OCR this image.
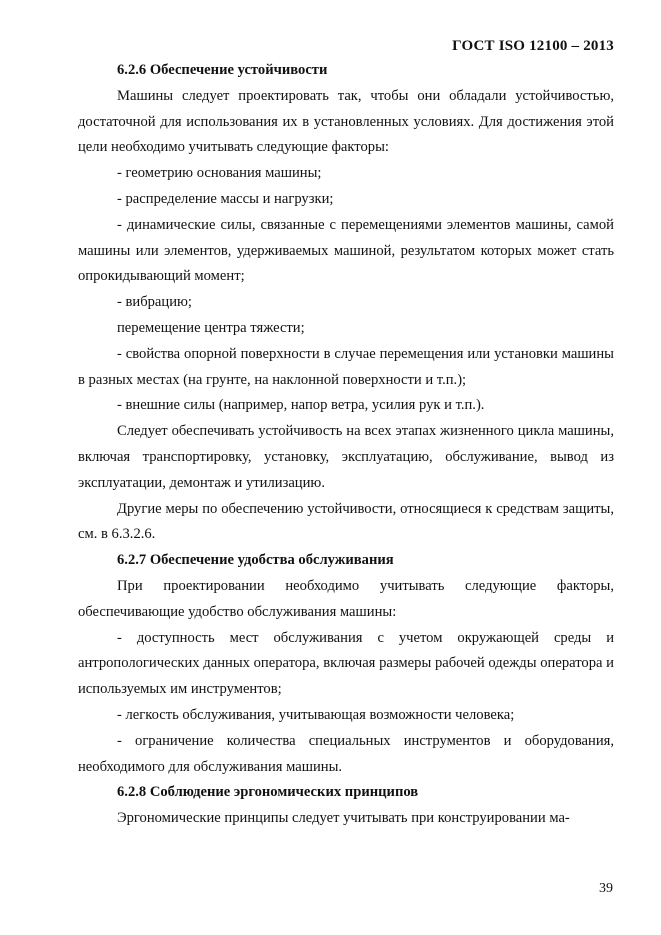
ГОСТ ISO 12100 – 2013
6.2.6 Обеспечение устойчивости

Машины следует проектировать так, чтобы они обладали устойчивостью, достаточной для использования их в установленных условиях. Для достижения этой цели необходимо учитывать следующие факторы:

- геометрию основания машины;

- распределение массы и нагрузки;

- динамические силы, связанные с перемещениями элементов машины, самой машины или элементов, удерживаемых машиной, результатом которых может стать опрокидывающий момент;

- вибрацию;

перемещение центра тяжести;

- свойства опорной поверхности в случае перемещения или установки машины в разных местах (на грунте, на наклонной поверхности и т.п.);

- внешние силы (например, напор ветра, усилия рук и т.п.).

Следует обеспечивать устойчивость на всех этапах жизненного цикла машины, включая транспортировку, установку, эксплуатацию, обслуживание, вывод из эксплуатации, демонтаж и утилизацию.

Другие меры по обеспечению устойчивости, относящиеся к средствам защиты, см. в 6.3.2.6.

6.2.7 Обеспечение удобства обслуживания

При проектировании необходимо учитывать следующие факторы, обеспечивающие удобство обслуживания машины:

- доступность мест обслуживания с учетом окружающей среды и антропологических данных оператора, включая размеры рабочей одежды оператора и используемых им инструментов;

- легкость обслуживания, учитывающая возможности человека;

- ограничение количества специальных инструментов и оборудования, необходимого для обслуживания машины.

6.2.8 Соблюдение эргономических принципов

Эргономические принципы следует учитывать при конструировании ма-

39
